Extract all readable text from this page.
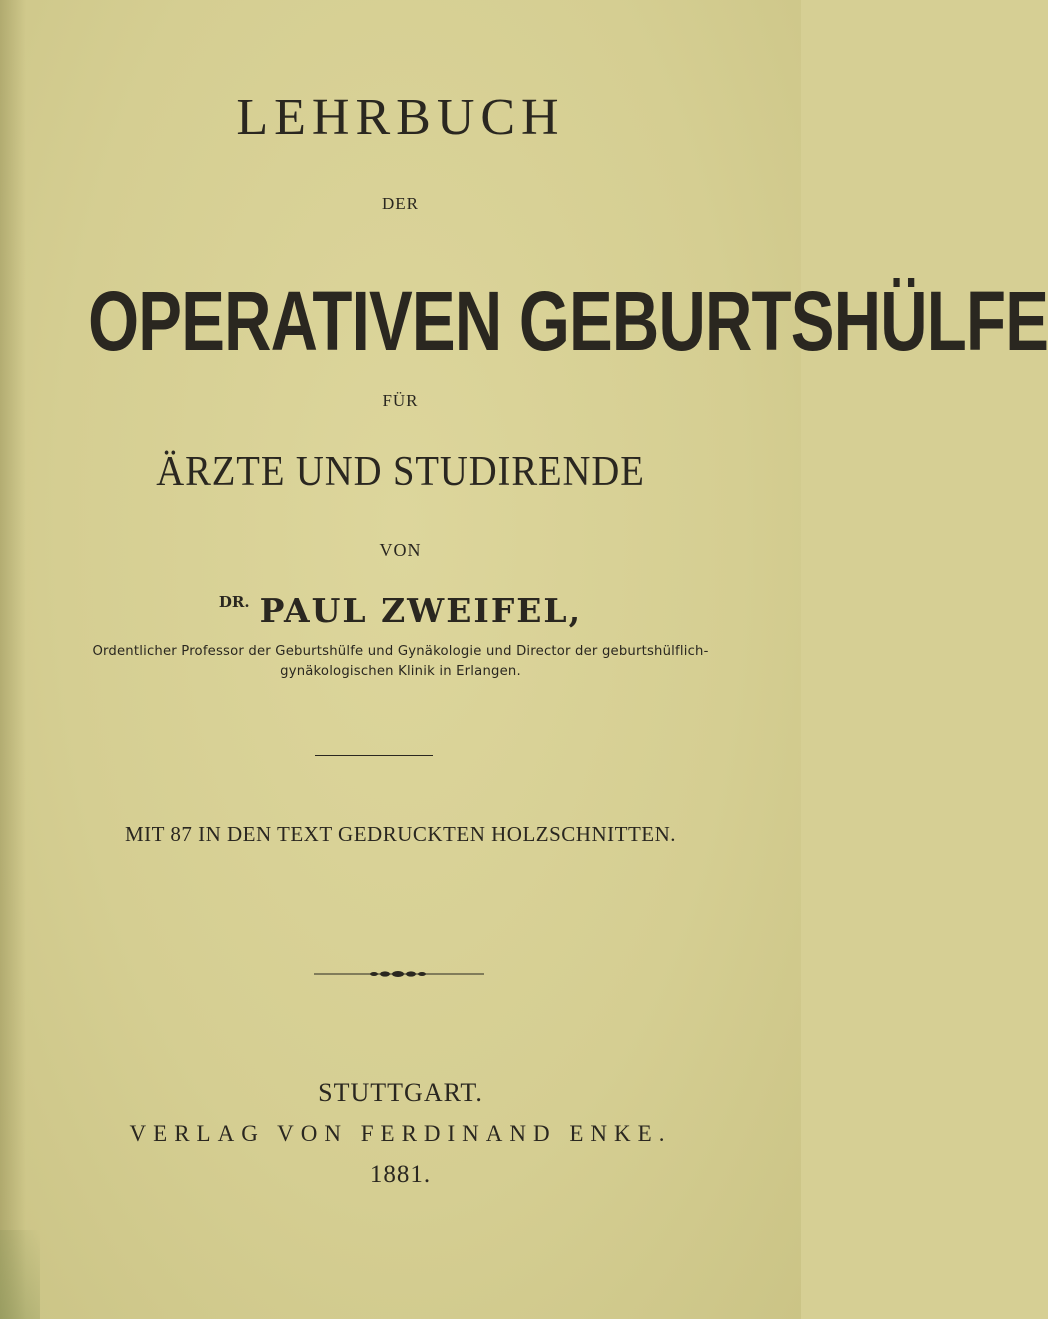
LEHRBUCH
DER
OPERATIVEN GEBURTSHÜLFE
FÜR
ÄRZTE UND STUDIRENDE
VON
$^{DR.}$ PAUL ZWEIFEL,
Ordentlicher Professor der Geburtshülfe und Gynäkologie und Director der geburtshülflich-
gynäkologischen Klinik in Erlangen.
MIT 87 IN DEN TEXT GEDRUCKTEN HOLZSCHNITTEN.
STUTTGART.
VERLAG VON FERDINAND ENKE.
1881.
